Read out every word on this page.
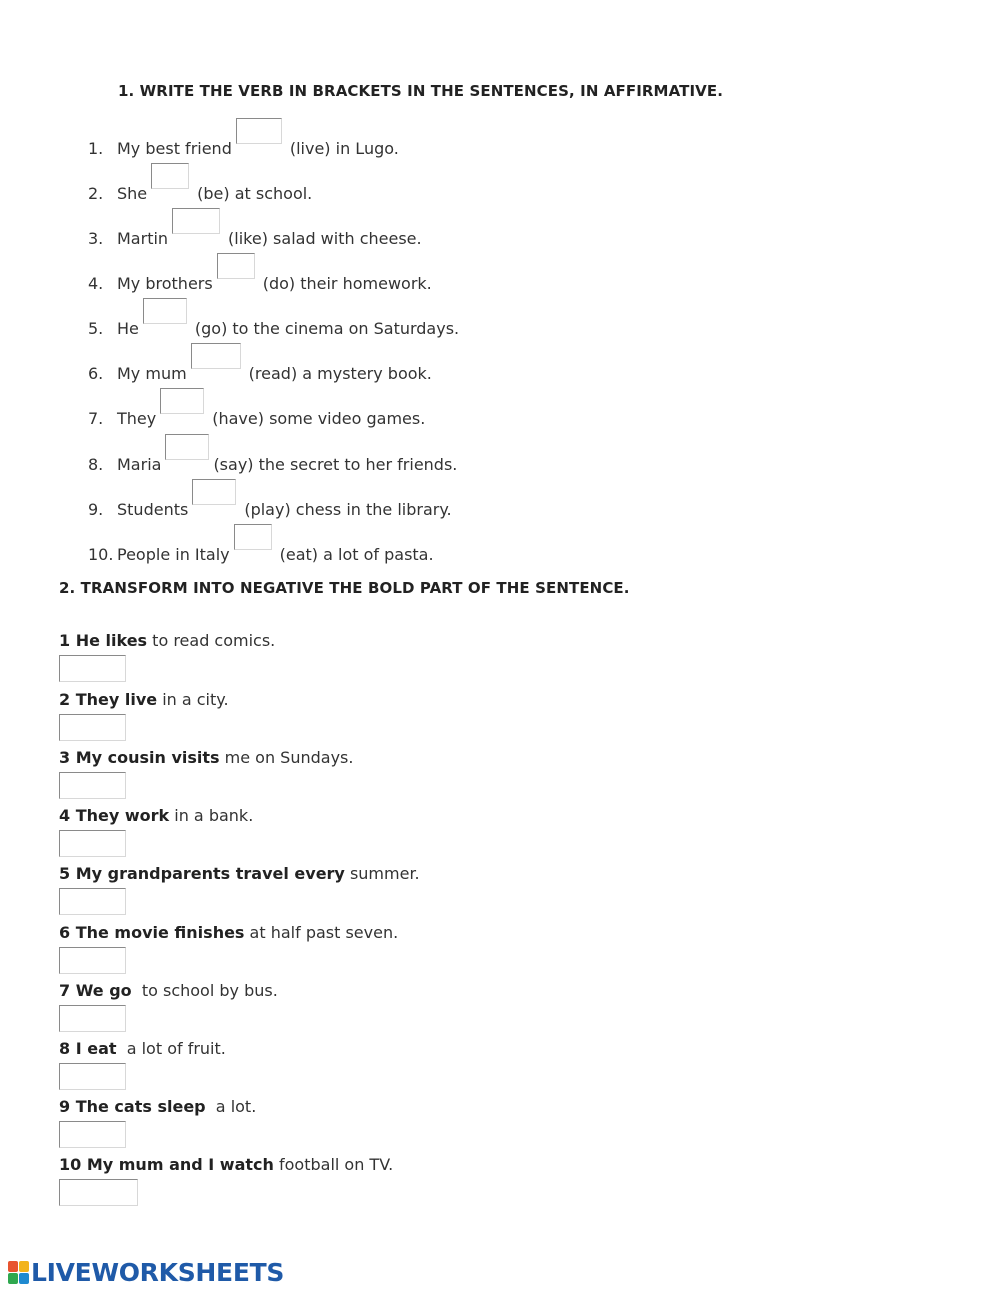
1. WRITE THE VERB IN BRACKETS IN THE SENTENCES, IN AFFIRMATIVE.
1. My best friend	(live) in Lugo.
2. She	(be) at school.
3. Martin	(like) salad with cheese.
4. My brothers	(do) their homework.
5. He	(go) to the cinema on Saturdays.
6. My mum	(read) a mystery book.
7. They	(have) some video games.
8. Maria	(say) the secret to her friends.
9. Students	(play) chess in the library.
10. People in Italy	(eat) a lot of pasta.
2. TRANSFORM INTO NEGATIVE THE BOLD PART OF THE SENTENCE.
1 He likes to read comics.
2 They live in a city.
3 My cousin visits me on Sundays.
4 They work in a bank.
5 My grandparents travel every summer.
6 The movie finishes at half past seven.
7 We go  to school by bus.
8 I eat  a lot of fruit.
9 The cats sleep  a lot.
10 My mum and I watch football on TV.
LIVEWORKSHEETS
